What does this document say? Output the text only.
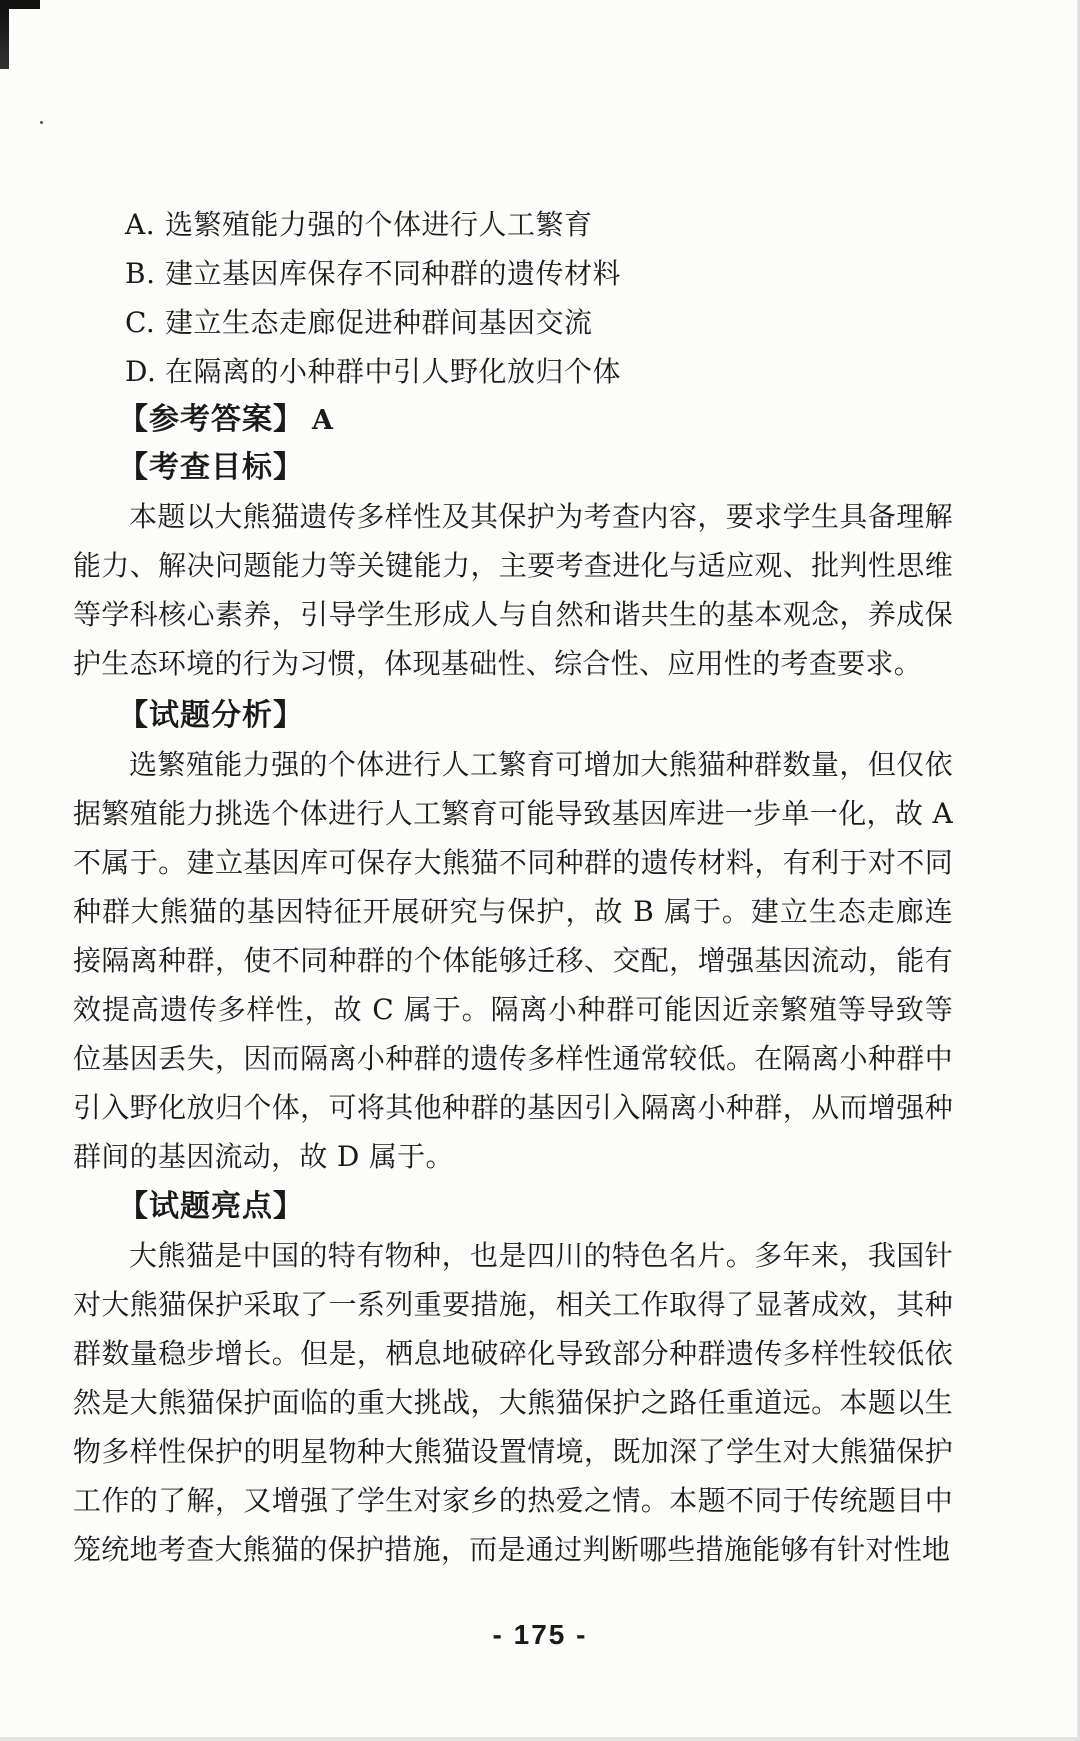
A. 选繁殖能力强的个体进行人工繁育
B. 建立基因库保存不同种群的遗传材料
C. 建立生态走廊促进种群间基因交流
D. 在隔离的小种群中引人野化放归个体
【参考答案】 A
【考查目标】

本题以大熊猫遗传多样性及其保护为考查内容，要求学生具备理解能力、解决问题能力等关键能力，主要考查进化与适应观、批判性思维等学科核心素养，引导学生形成人与自然和谐共生的基本观念，养成保护生态环境的行为习惯，体现基础性、综合性、应用性的考查要求。

【试题分析】

选繁殖能力强的个体进行人工繁育可增加大熊猫种群数量，但仅依据繁殖能力挑选个体进行人工繁育可能导致基因库进一步单一化，故 A 不属于。建立基因库可保存大熊猫不同种群的遗传材料，有利于对不同种群大熊猫的基因特征开展研究与保护，故 B 属于。建立生态走廊连接隔离种群，使不同种群的个体能够迁移、交配，增强基因流动，能有效提高遗传多样性，故 C 属于。隔离小种群可能因近亲繁殖等导致等位基因丢失，因而隔离小种群的遗传多样性通常较低。在隔离小种群中引入野化放归个体，可将其他种群的基因引入隔离小种群，从而增强种群间的基因流动，故 D 属于。

【试题亮点】

大熊猫是中国的特有物种，也是四川的特色名片。多年来，我国针对大熊猫保护采取了一系列重要措施，相关工作取得了显著成效，其种群数量稳步增长。但是，栖息地破碎化导致部分种群遗传多样性较低依然是大熊猫保护面临的重大挑战，大熊猫保护之路任重道远。本题以生物多样性保护的明星物种大熊猫设置情境，既加深了学生对大熊猫保护工作的了解，又增强了学生对家乡的热爱之情。本题不同于传统题目中笼统地考查大熊猫的保护措施，而是通过判断哪些措施能够有针对性地

- 175 -
